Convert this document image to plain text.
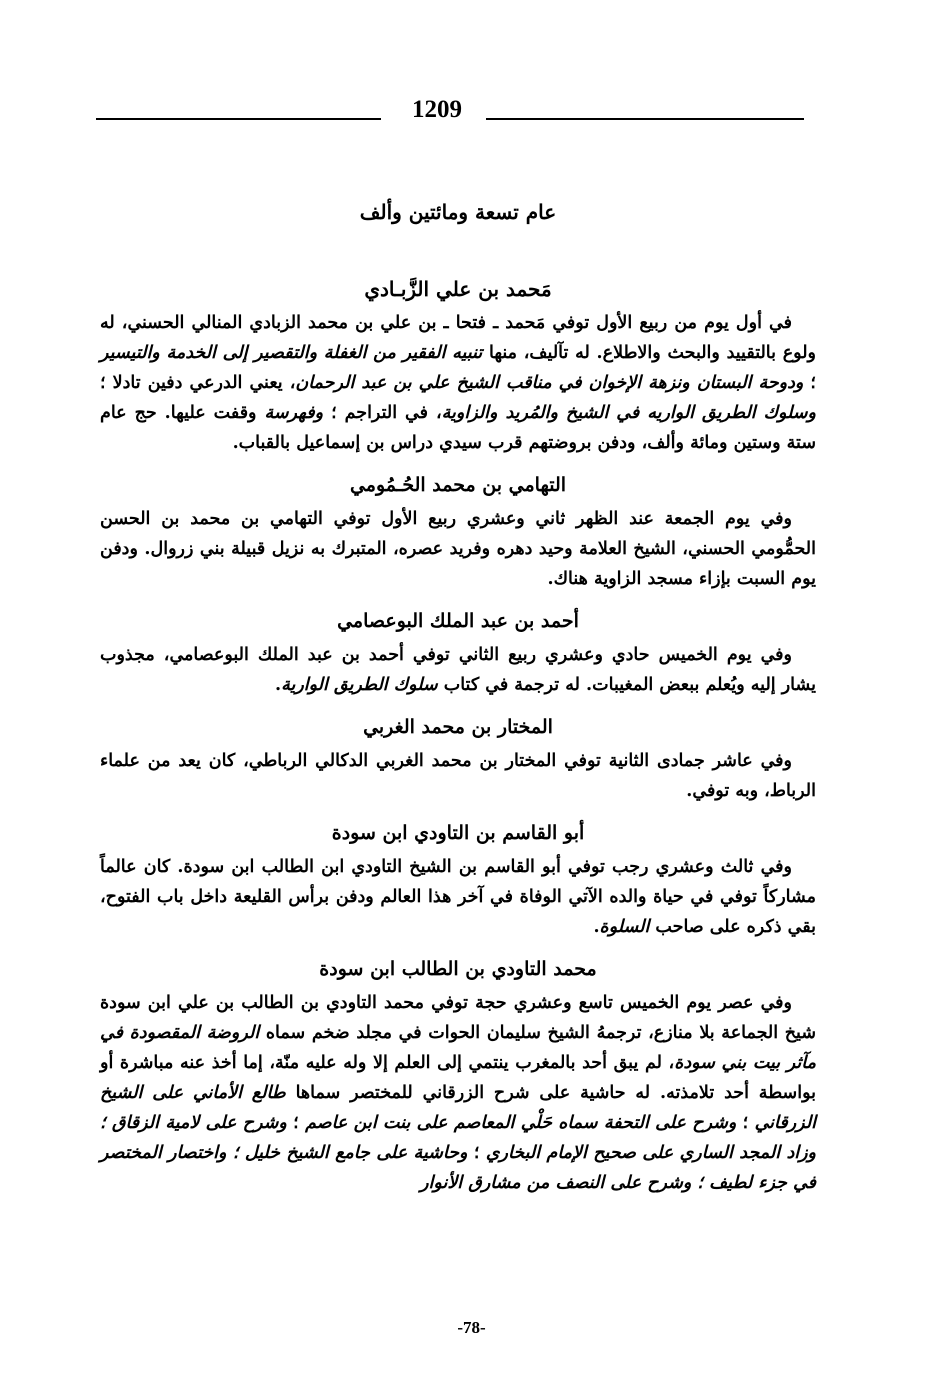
1209
عام تسعة ومائتين وألف
مَحمد بن علي الزَّبـادي

في أول يوم من ربيع الأول توفي مَحمد ـ فتحا ـ بن علي بن محمد الزبادي المنالي الحسني، له ولوع بالتقييد والبحث والاطلاع. له تآليف، منها تنبيه الفقير من الغفلة والتقصير إلى الخدمة والتيسير ؛ ودوحة البستان ونزهة الإخوان في مناقب الشيخ علي بن عبد الرحمان، يعني الدرعي دفين تادلا ؛ وسلوك الطريق الواريه في الشيخ والمُريد والزاوية، في التراجم ؛ وفهرسة وقفت عليها. حج عام ستة وستين ومائة وألف، ودفن بروضتهم قرب سيدي دراس بن إسماعيل بالقباب.

التهامي بن محمد الحُـمُومي

وفي يوم الجمعة عند الظهر ثاني وعشري ربيع الأول توفي التهامي بن محمد بن الحسن الحمُّومي الحسني، الشيخ العلامة وحيد دهره وفريد عصره، المتبرك به نزيل قبيلة بني زروال. ودفن يوم السبت بإزاء مسجد الزاوية هناك.

أحمد بن عبد الملك البوعصامي

وفي يوم الخميس حادي وعشري ربيع الثاني توفي أحمد بن عبد الملك البوعصامي، مجذوب يشار إليه ويُعلم ببعض المغيبات. له ترجمة في كتاب سلوك الطريق الوارية.

المختار بن محمد الغربي

وفي عاشر جمادى الثانية توفي المختار بن محمد الغربي الدكالي الرباطي، كان يعد من علماء الرباط، وبه توفي.

أبو القاسم بن التاودي ابن سودة

وفي ثالث وعشري رجب توفي أبو القاسم بن الشيخ التاودي ابن الطالب ابن سودة. كان عالماً مشاركاً توفي في حياة والده الآتي الوفاة في آخر هذا العالم ودفن برأس القليعة داخل باب الفتوح، بقي ذكره على صاحب السلوة.

محمد التاودي بن الطالب ابن سودة

وفي عصر يوم الخميس تاسع وعشري حجة توفي محمد التاودي بن الطالب بن علي ابن سودة شيخ الجماعة بلا منازع، ترجمهُ الشيخ سليمان الحوات في مجلد ضخم سماه الروضة المقصودة في مآثر بيت بني سودة، لم يبق أحد بالمغرب ينتمي إلى العلم إلا وله عليه منّة، إما أخذ عنه مباشرة أو بواسطة أحد تلامذته. له حاشية على شرح الزرقاني للمختصر سماها طالع الأماني على الشيخ الزرقاني ؛ وشرح على التحفة سماه حَلْي المعاصم على بنت ابن عاصم ؛ وشرح على لامية الزقاق ؛ وزاد المجد الساري على صحيح الإمام البخاري ؛ وحاشية على جامع الشيخ خليل ؛ واختصار المختصر في جزء لطيف ؛ وشرح على النصف من مشارق الأنوار

-78-
